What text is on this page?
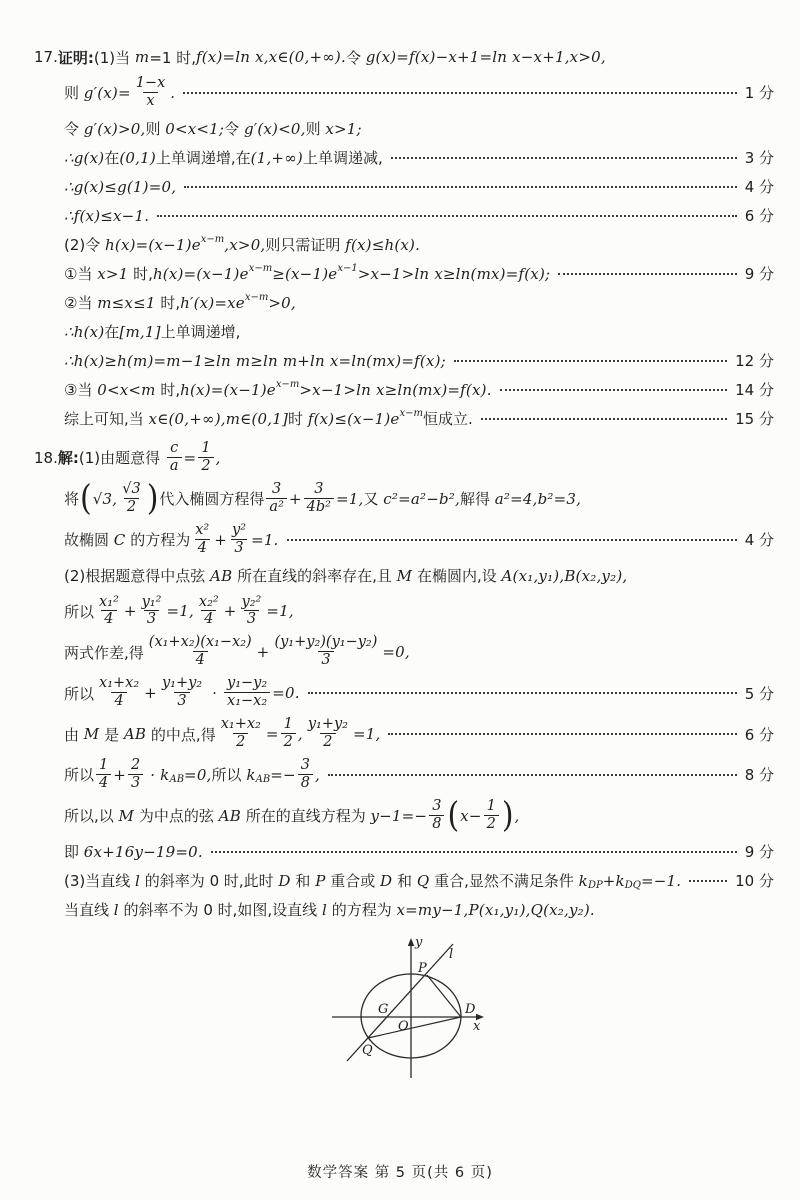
17. 证明: (1)当 m =1 时, f(x)=ln x,x∈(0,+∞). 令 g(x)=f(x)−x+1=ln x−x+1,x>0,
则 $g'(x)= \frac{1-x}{x}$ .	1 分
令 g′(x)>0, 则 0<x<1; 令 g′(x)<0, 则 x>1;
∴g(x) 在 (0,1) 上单调递增,在 (1,+∞) 上单调递减,	3 分
∴g(x)≤g(1)=0,	4 分
∴f(x)≤x−1.	6 分
(2)令 h(x)=(x−1)e x−m ,x>0, 则只需证明 f(x)≤h(x).
①当 x>1 时, h(x)=(x−1)e x−m ≥(x−1)e x−1 >x−1>ln x≥ln(mx)=f(x);	9 分
②当 m≤x≤1 时, h′(x)=xe x−m >0,
∴h(x) 在 [m,1] 上单调递增,
∴h(x)≥h(m)=m−1≥ln m≥ln m+ln x=ln(mx)=f(x);	12 分
③当 0<x<m 时, h(x)=(x−1)e x−m >x−1>ln x≥ln(mx)=f(x).	14 分
综上可知,当 x∈(0,+∞),m∈(0,1] 时 f(x)≤(x−1)e x−m 恒成立.	15 分
18. 解: (1)由题意得 $\frac{c}{a} = \frac{1}{2}$ ,
将 ( √3, $\frac{√3}{2}$ ) 代入椭圆方程得 $\frac{3}{\text{a²}} + \frac{3}{\text{4b²}} =1$, 又 c²=a²−b², 解得 a²=4,b²=3,
故椭圆 C 的方程为 $\frac{\text{x²}}{4} + \frac{\text{y²}}{3} =1$.	4 分
(2)根据题意得中点弦 AB 所在直线的斜率存在,且 M 在椭圆内,设 A(x₁,y₁),B(x₂,y₂),
所以 $\frac{\text{x₁²}}{4} + \frac{\text{y₁²}}{3} =1$, $\frac{\text{x₂²}}{4} + \frac{\text{y₂²}}{3} =1$,
两式作差,得 $\frac{\text{(x₁+x₂)(x₁−x₂)}}{4} + \frac{\text{(y₁+y₂)(y₁−y₂)}}{3} =0$,
所以 $\frac{\text{x₁+x₂}}{4} + \frac{\text{y₁+y₂}}{3} \cdot \frac{\text{y₁−y₂}}{\text{x₁−x₂}} =0$.	5 分
由 M 是 AB 的中点,得 $\frac{\text{x₁+x₂}}{2} = \frac{1}{2}$ , $\frac{\text{y₁+y₂}}{2} =1$,	6 分
所以 $\frac{1}{4} + \frac{2}{3} \cdot k$ AB =0, 所以 k AB =− $\frac{3}{8}$ ,	8 分
所以,以 M 为中点的弦 AB 所在的直线方程为 $y-1=- \frac{3}{8}$ ( $x- \frac{1}{2}$ ) ,
即 6x+16y−19=0.	9 分
(3)当直线 l 的斜率为 0 时,此时 D 和 P 重合或 D 和 Q 重合,显然不满足条件 k DP +k DQ =−1.	10 分
当直线 l 的斜率不为 0 时,如图,设直线 l 的方程为 x=my−1,P(x₁,y₁),Q(x₂,y₂).
y
l
P
G	D
O	x
Q
数学答案 第 5 页(共 6 页)
